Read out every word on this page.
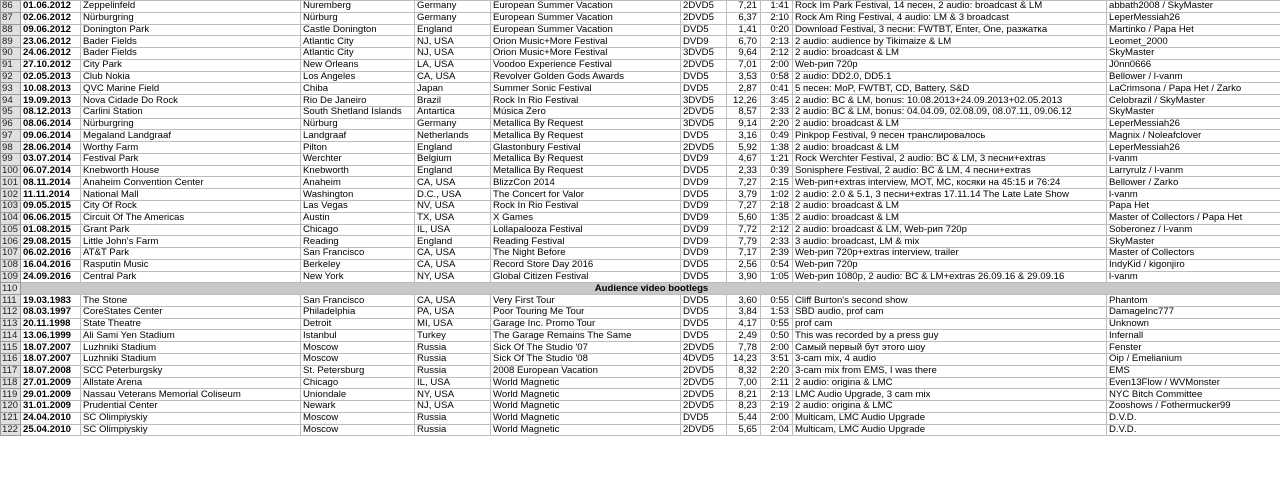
86	01.06.2012	Zeppelinfeld	Nuremberg	Germany	European Summer Vacation	2DVD5	7,21	1:41	Rock Im Park Festival, 14 песен, 2 audio: broadcast & LM	abbath2008 / SkyMaster
87	02.06.2012	Nürburgring	Nürburg	Germany	European Summer Vacation	2DVD5	6,37	2:10	Rock Am Ring Festival, 4 audio: LM & 3 broadcast	LeperMessiah26
88	09.06.2012	Donington Park	Castle Donington	England	European Summer Vacation	DVD5	1,41	0:20	Download Festival, 3 песни: FWTBT, Enter, One, разжатка	Martinko / Papa Het
89	23.06.2012	Bader Fields	Atlantic City	NJ, USA	Orion Music+More Festival	DVD9	6,70	2:13	2 audio: audience by Tikimaize & LM	Leomet_2000
90	24.06.2012	Bader Fields	Atlantic City	NJ, USA	Orion Music+More Festival	3DVD5	9,64	2:12	2 audio: broadcast & LM	SkyMaster
91	27.10.2012	City Park	New Orleans	LA, USA	Voodoo Experience Festival	2DVD5	7,01	2:00	Web-рип 720p	J0nn0666
92	02.05.2013	Club Nokia	Los Angeles	CA, USA	Revolver Golden Gods Awards	DVD5	3,53	0:58	2 audio: DD2.0, DD5.1	Bellower / l-vanm
93	10.08.2013	QVC Marine Field	Chiba	Japan	Summer Sonic Festival	DVD5	2,87	0:41	5 песен: MoP, FWTBT, CD, Battery, S&D	LaCrimsona / Papa Het / Zarko
94	19.09.2013	Nova Cidade Do Rock	Rio De Janeiro	Brazil	Rock In Rio Festival	3DVD5	12,26	3:45	2 audio: BC & LM, bonus: 10.08.2013+24.09.2013+02.05.2013	Celobrazil / SkyMaster
95	08.12.2013	Carlini Station	South Shetland Islands	Antartica	Música Zero	2DVD5	8,57	2:33	2 audio: BC & LM, bonus: 04.04.09, 02.08.09, 08.07.11, 09.06.12	SkyMaster
96	08.06.2014	Nürburgring	Nürburg	Germany	Metallica By Request	3DVD5	9,14	2:20	2 audio: broadcast & LM	LeperMessiah26
97	09.06.2014	Megaland Landgraaf	Landgraaf	Netherlands	Metallica By Request	DVD5	3,16	0:49	Pinkpop Festival, 9 песен транслировалось	Magnix / Noleafclover
98	28.06.2014	Worthy Farm	Pilton	England	Glastonbury Festival	2DVD5	5,92	1:38	2 audio: broadcast & LM	LeperMessiah26
99	03.07.2014	Festival Park	Werchter	Belgium	Metallica By Request	DVD9	4,67	1:21	Rock Werchter Festival, 2 audio: BC & LM, 3 песни+extras	l-vanm
100	06.07.2014	Knebworth House	Knebworth	England	Metallica By Request	DVD5	2,33	0:39	Sonisphere Festival, 2 audio: BC & LM, 4 песни+extras	Larryrulz / l-vanm
101	08.11.2014	Anaheim Convention Center	Anaheim	CA, USA	BlizzCon 2014	DVD9	7,27	2:15	Web-рип+extras interview, MOT, MC, косяки на 45:15 и 76:24	Bellower / Zarko
102	11.11.2014	National Mall	Washington	D.C., USA	The Concert for Valor	DVD5	3,79	1:02	2 audio: 2.0 & 5.1, 3 песни+extras 17.11.14 The Late Late Show	l-vanm
103	09.05.2015	City Of Rock	Las Vegas	NV, USA	Rock In Rio Festival	DVD9	7,27	2:18	2 audio: broadcast & LM	Papa Het
104	06.06.2015	Circuit Of The Americas	Austin	TX, USA	X Games	DVD9	5,60	1:35	2 audio: broadcast & LM	Master of Collectors / Papa Het
105	01.08.2015	Grant Park	Chicago	IL, USA	Lollapalooza Festival	DVD9	7,72	2:12	2 audio: broadcast & LM, Web-рип 720p	Soberonez / l-vanm
106	29.08.2015	Little John's Farm	Reading	England	Reading Festival	DVD9	7,79	2:33	3 audio: broadcast, LM & mix	SkyMaster
107	06.02.2016	AT&T Park	San Francisco	CA, USA	The Night Before	DVD9	7,17	2:39	Web-рип 720p+extras interview, trailer	Master of Collectors
108	16.04.2016	Rasputin Music	Berkeley	CA, USA	Record Store Day 2016	DVD5	2,56	0:54	Web-рип 720p	IndyKid / kigonjiro
109	24.09.2016	Central Park	New York	NY, USA	Global Citizen Festival	DVD5	3,90	1:05	Web-рип 1080p, 2 audio: BC & LM+extras 26.09.16 & 29.09.16	l-vanm
110	Audience video bootlegs									
111	19.03.1983	The Stone	San Francisco	CA, USA	Very First Tour	DVD5	3,60	0:55	Cliff Burton's second show	Phantom
112	08.03.1997	CoreStates Center	Philadelphia	PA, USA	Poor Touring Me Tour	DVD5	3,84	1:53	SBD audio, prof cam	DamageInc777
113	20.11.1998	State Theatre	Detroit	MI, USA	Garage Inc. Promo Tour	DVD5	4,17	0:55	prof cam	Unknown
114	13.06.1999	Ali Sami Yen Stadium	Istanbul	Turkey	The Garage Remains The Same	DVD5	2,49	0:50	This was recorded by a press guy	Infernall
115	18.07.2007	Luzhniki Stadium	Moscow	Russia	Sick Of The Studio '07	2DVD5	7,78	2:00	Самый первый бут этого шоу	Fenster
116	18.07.2007	Luzhniki Stadium	Moscow	Russia	Sick Of The Studio '08	4DVD5	14,23	3:51	3-cam mix, 4 audio	Oip / Emelianium
117	18.07.2008	SCC Peterburgsky	St. Petersburg	Russia	2008 European Vacation	2DVD5	8,32	2:20	3-cam mix from EMS, I was there	EMS
118	27.01.2009	Allstate Arena	Chicago	IL, USA	World Magnetic	2DVD5	7,00	2:11	2 audio: origina & LMC	Even13Flow / WVMonster
119	29.01.2009	Nassau Veterans Memorial Coliseum	Uniondale	NY, USA	World Magnetic	2DVD5	8,21	2:13	LMC Audio Upgrade, 3 cam mix	NYC Bitch Committee
120	31.01.2009	Prudential Center	Newark	NJ, USA	World Magnetic	2DVD5	8,23	2:19	2 audio: origina & LMC	Zooshows / Fothermucker99
121	24.04.2010	SC Olimpiyskiy	Moscow	Russia	World Magnetic	DVD5	5,44	2:00	Multicam, LMC Audio Upgrade	D.V.D.
122	25.04.2010	SC Olimpiyskiy	Moscow	Russia	World Magnetic	2DVD5	5,65	2:04	Multicam, LMC Audio Upgrade	D.V.D.
